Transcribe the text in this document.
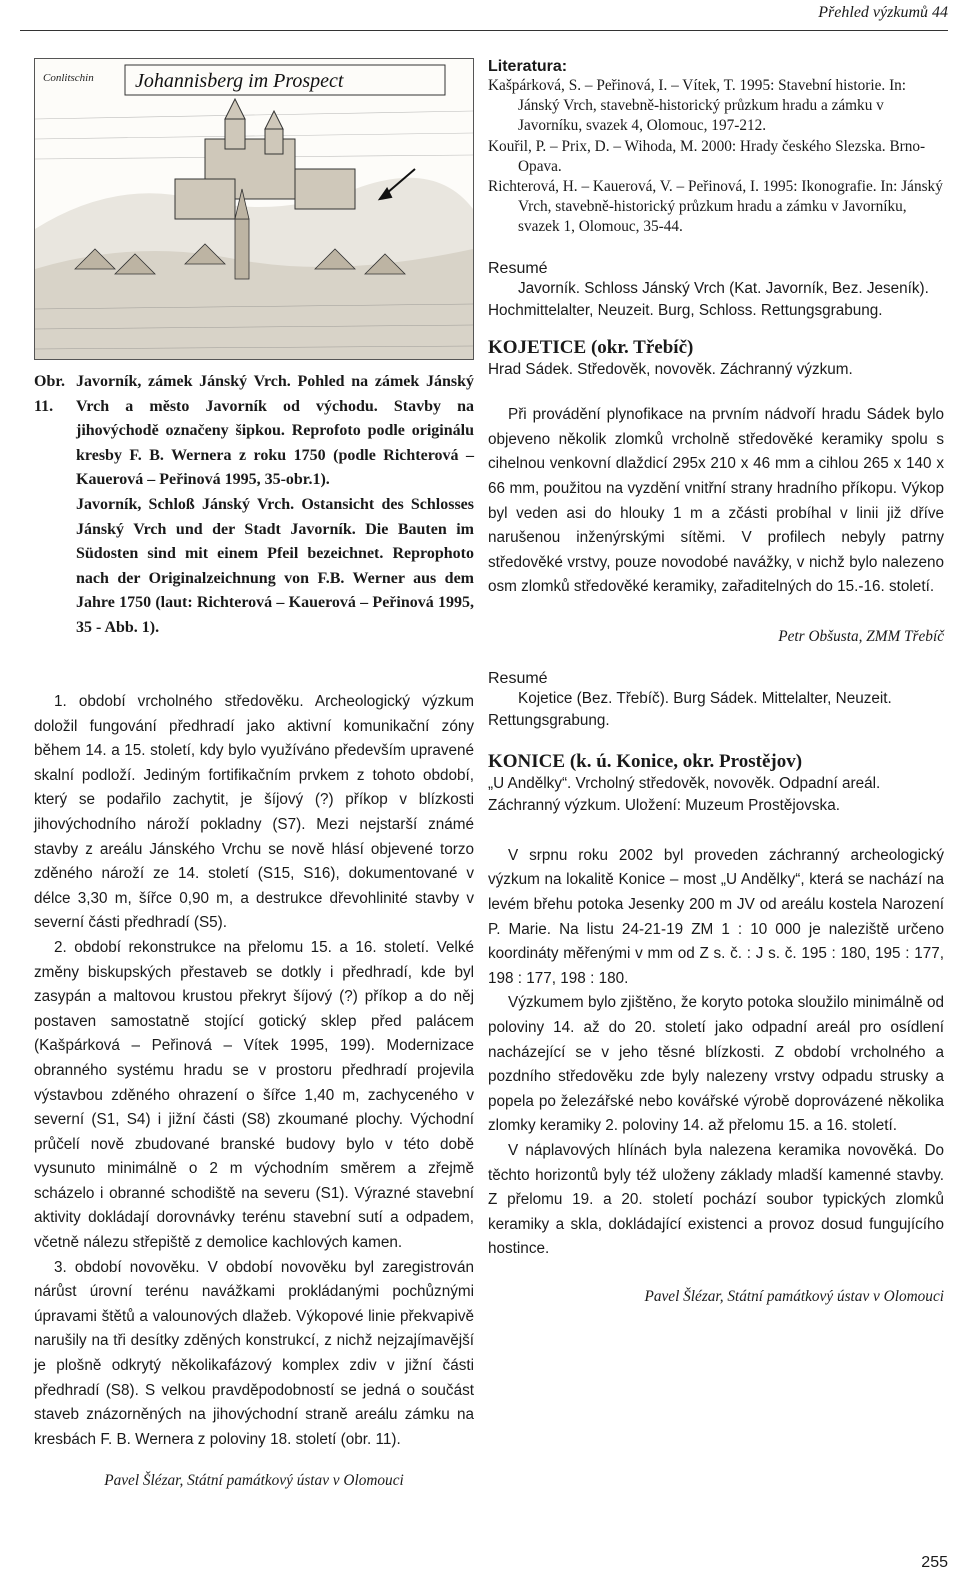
Přehled výzkumů 44
Conlitschin Johannisberg im Prospect
Obr. 11.
Javorník, zámek Jánský Vrch. Pohled na zámek Jánský Vrch a město Javorník od východu. Stavby na jihovýchodě označeny šipkou. Reprofoto podle originálu kresby F. B. Wernera z roku 1750 (podle Richterová – Kauerová – Peřinová 1995, 35-obr.1).

Javorník, Schloß Jánský Vrch. Ostansicht des Schlosses Jánský Vrch und der Stadt Javorník. Die Bauten im Südosten sind mit einem Pfeil bezeichnet. Reprophoto nach der Originalzeichnung von F.B. Werner aus dem Jahre 1750 (laut: Richterová – Kauerová – Peřinová 1995, 35 - Abb. 1).

1. období vrcholného středověku. Archeologický výzkum doložil fungování předhradí jako aktivní komunikační zóny během 14. a 15. století, kdy bylo využíváno především upravené skalní podloží. Jediným fortifikačním prvkem z tohoto období, který se podařilo zachytit, je šíjový (?) příkop v blízkosti jihovýchodního nároží pokladny (S7). Mezi nejstarší známé stavby z areálu Jánského Vrchu se nově hlásí objevené torzo zděného nároží ze 14. století (S15, S16), dokumentované v délce 3,30 m, šířce 0,90 m, a destrukce dřevohlinité stavby v severní části předhradí (S5).

2. období rekonstrukce na přelomu 15. a 16. století. Velké změny biskupských přestaveb se dotkly i předhradí, kde byl zasypán a maltovou krustou překryt šíjový (?) příkop a do něj postaven samostatně stojící gotický sklep před palácem (Kašpárková – Peřinová – Vítek 1995, 199). Modernizace obranného systému hradu se v prostoru předhradí projevila výstavbou zděného ohrazení o šířce 1,40 m, zachyceného v severní (S1, S4) i jižní části (S8) zkoumané plochy. Východní průčelí nově zbudované branské budovy bylo v této době vysunuto minimálně o 2 m východním směrem a zřejmě scházelo i obranné schodiště na severu (S1). Výrazné stavební aktivity dokládají dorovnávky terénu stavební sutí a odpadem, včetně nálezu střepiště z demolice kachlových kamen.

3. období novověku. V období novověku byl zaregistrován nárůst úrovní terénu navážkami prokládanými pochůznými úpravami štětů a valounových dlažeb. Výkopové linie překvapivě narušily na tři desítky zděných konstrukcí, z nichž nejzajímavější je plošně odkrytý několikafázový komplex zdiv v jižní části předhradí (S8). S velkou pravděpodobností se jedná o součást staveb znázorněných na jihovýchodní straně areálu zámku na kresbách F. B. Wernera z poloviny 18. století (obr. 11).

Pavel Šlézar, Státní památkový ústav v Olomouci
Literatura:

Kašpárková, S. – Peřinová, I. – Vítek, T. 1995: Stavební historie. In: Jánský Vrch, stavebně-historický průzkum hradu a zámku v Javorníku, svazek 4, Olomouc, 197-212.

Kouřil, P. – Prix, D. – Wihoda, M. 2000: Hrady českého Slezska. Brno-Opava.

Richterová, H. – Kauerová, V. – Peřinová, I. 1995: Ikonografie. In: Jánský Vrch, stavebně-historický průzkum hradu a zámku v Javorníku, svazek 1, Olomouc, 35-44.

Resumé

Javorník. Schloss Jánský Vrch (Kat. Javorník, Bez. Jeseník). Hochmittelalter, Neuzeit. Burg, Schloss. Rettungsgrabung.

KOJETICE (okr. Třebíč)

Hrad Sádek. Středověk, novověk. Záchranný výzkum.

Při provádění plynofikace na prvním nádvoří hradu Sádek bylo objeveno několik zlomků vrcholně středověké keramiky spolu s cihelnou venkovní dlaždicí 295x 210 x 46 mm a cihlou 265 x 140 x 66 mm, použitou na vyzdění vnitřní strany hradního příkopu. Výkop byl veden asi do hlouky 1 m a zčásti probíhal v linii již dříve narušenou inženýrskými sítěmi. V profilech nebyly patrny středověké vrstvy, pouze novodobé navážky, v nichž bylo nalezeno osm zlomků středověké keramiky, zařaditelných do 15.-16. století.

Petr Obšusta, ZMM Třebíč
Resumé

Kojetice (Bez. Třebíč). Burg Sádek. Mittelalter, Neuzeit. Rettungsgrabung.

KONICE (k. ú. Konice, okr. Prostějov)

„U Andělky“. Vrcholný středověk, novověk. Odpadní areál. Záchranný výzkum. Uložení: Muzeum Prostějovska.

V srpnu roku 2002 byl proveden záchranný archeologický výzkum na lokalitě Konice – most „U Andělky“, která se nachází na levém břehu potoka Jesenky 200 m JV od areálu kostela Narození P. Marie. Na listu 24-21-19 ZM 1 : 10 000 je naleziště určeno koordináty měřenými v mm od Z s. č. : J s. č. 195 : 180, 195 : 177, 198 : 177, 198 : 180.

Výzkumem bylo zjištěno, že koryto potoka sloužilo minimálně od poloviny 14. až do 20. století jako odpadní areál pro osídlení nacházející se v jeho těsné blízkosti. Z období vrcholného a pozdního středověku zde byly nalezeny vrstvy odpadu strusky a popela po železářské nebo kovářské výrobě doprovázené několika zlomky keramiky 2. poloviny 14. až přelomu 15. a 16. století.

V náplavových hlínách byla nalezena keramika novověká. Do těchto horizontů byly též uloženy základy mladší kamenné stavby. Z přelomu 19. a 20. století pochází soubor typických zlomků keramiky a skla, dokládající existenci a provoz dosud fungujícího hostince.

Pavel Šlézar, Státní památkový ústav v Olomouci
255
